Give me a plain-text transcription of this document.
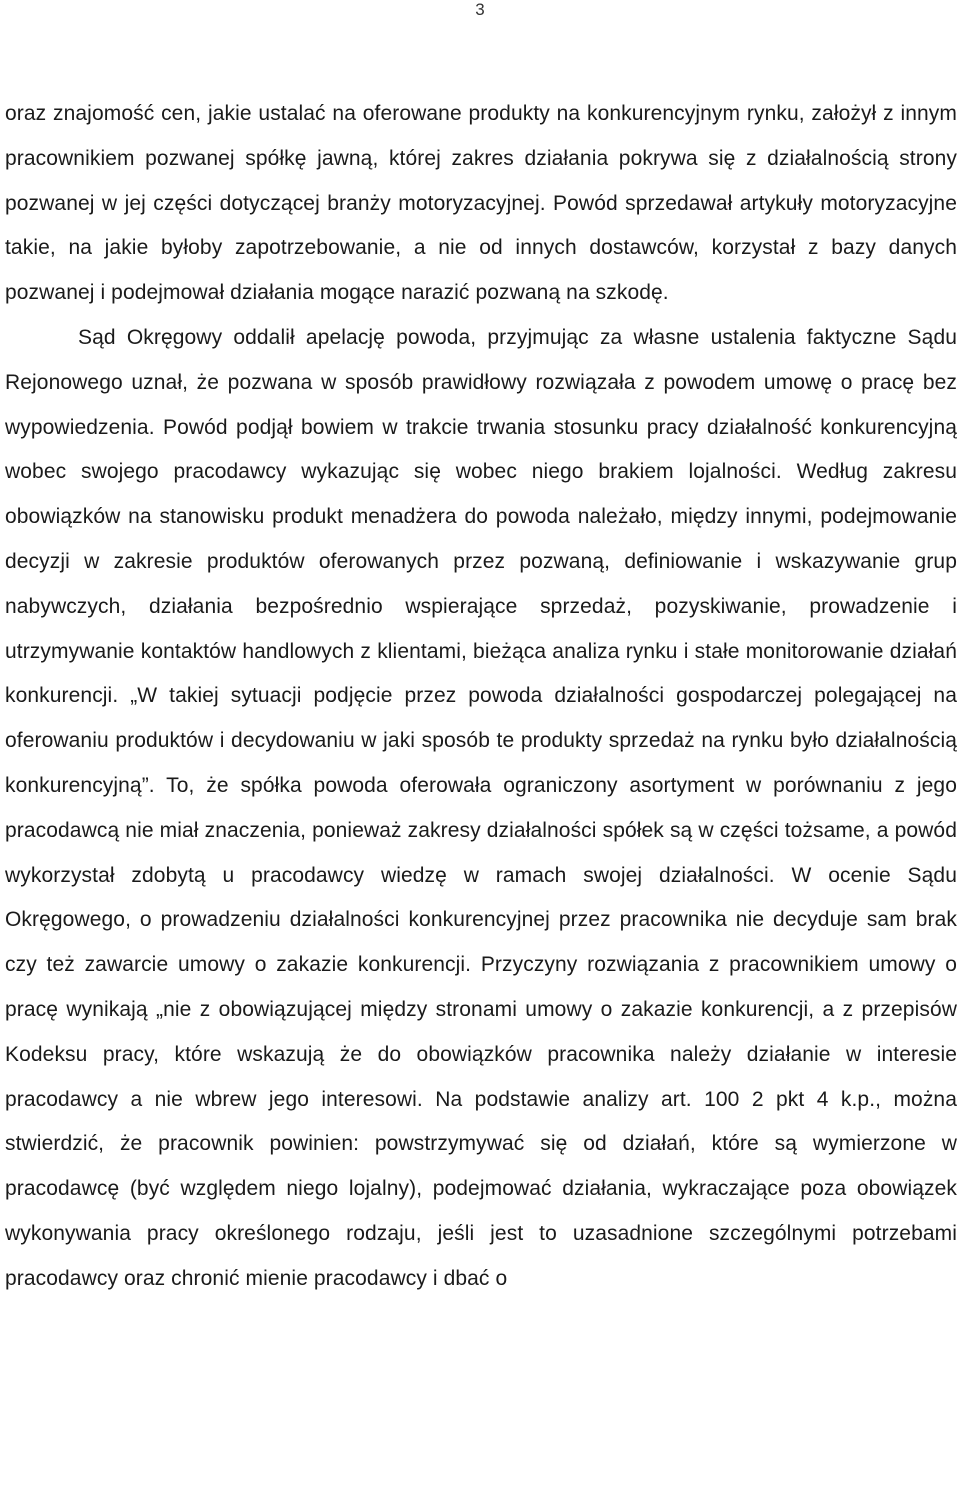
3

oraz znajomość cen, jakie ustalać na oferowane produkty na konkurencyjnym rynku, założył z innym pracownikiem pozwanej spółkę jawną, której zakres działania pokrywa się z działalnością strony pozwanej w jej części dotyczącej branży motoryzacyjnej. Powód sprzedawał artykuły motoryzacyjne takie, na jakie byłoby zapotrzebowanie, a nie od innych dostawców, korzystał z bazy danych pozwanej i podejmował działania mogące narazić pozwaną na szkodę.

Sąd Okręgowy oddalił apelację powoda, przyjmując za własne ustalenia faktyczne Sądu Rejonowego uznał, że pozwana w sposób prawidłowy rozwiązała z powodem umowę o pracę bez wypowiedzenia. Powód podjął bowiem w trakcie trwania stosunku pracy działalność konkurencyjną wobec swojego pracodawcy wykazując się wobec niego brakiem lojalności. Według zakresu obowiązków na stanowisku produkt menadżera do powoda należało, między innymi, podejmowanie decyzji w zakresie produktów oferowanych przez pozwaną, definiowanie i wskazywanie grup nabywczych, działania bezpośrednio wspierające sprzedaż, pozyskiwanie, prowadzenie i utrzymywanie kontaktów handlowych z klientami, bieżąca analiza rynku i stałe monitorowanie działań konkurencji. „W takiej sytuacji podjęcie przez powoda działalności gospodarczej polegającej na oferowaniu produktów i decydowaniu w jaki sposób te produkty sprzedaż na rynku było działalnością konkurencyjną”. To, że spółka powoda oferowała ograniczony asortyment w porównaniu z jego pracodawcą nie miał znaczenia, ponieważ zakresy działalności spółek są w części tożsame, a powód wykorzystał zdobytą u pracodawcy wiedzę w ramach swojej działalności. W ocenie Sądu Okręgowego, o prowadzeniu działalności konkurencyjnej przez pracownika nie decyduje sam brak czy też zawarcie umowy o zakazie konkurencji. Przyczyny rozwiązania z pracownikiem umowy o pracę wynikają „nie z obowiązującej między stronami umowy o zakazie konkurencji, a z przepisów Kodeksu pracy, które wskazują że do obowiązków pracownika należy działanie w interesie pracodawcy a nie wbrew jego interesowi. Na podstawie analizy art. 100 2 pkt 4 k.p., można stwierdzić, że pracownik powinien: powstrzymywać się od działań, które są wymierzone w pracodawcę (być względem niego lojalny), podejmować działania, wykraczające poza obowiązek wykonywania pracy określonego rodzaju, jeśli jest to uzasadnione szczególnymi potrzebami pracodawcy oraz chronić mienie pracodawcy i dbać o
